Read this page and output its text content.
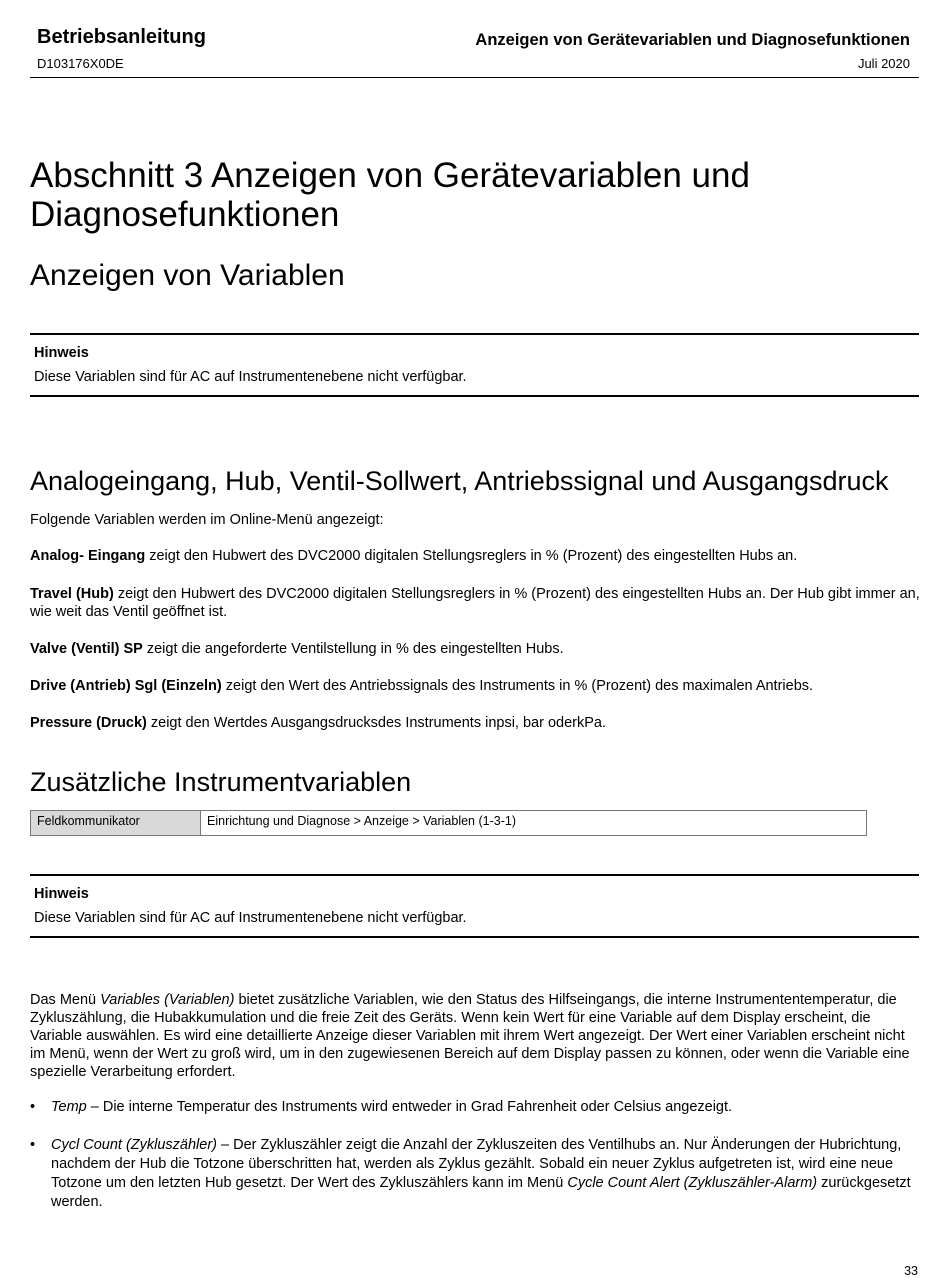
Betriebsanleitung
D103176X0DE
Anzeigen von Gerätevariablen und Diagnosefunktionen
Juli 2020
Abschnitt 3 Anzeigen von Gerätevariablen und Diagnosefunktionen
Anzeigen von Variablen
Hinweis
Diese Variablen sind für AC auf Instrumentenebene nicht verfügbar.
Analogeingang, Hub, Ventil-Sollwert, Antriebssignal und Ausgangsdruck
Folgende Variablen werden im Online-Menü angezeigt:
Analog- Eingang zeigt den Hubwert des DVC2000 digitalen Stellungsreglers in % (Prozent) des eingestellten Hubs an.
Travel (Hub) zeigt den Hubwert des DVC2000 digitalen Stellungsreglers in % (Prozent) des eingestellten Hubs an. Der Hub gibt immer an, wie weit das Ventil geöffnet ist.
Valve (Ventil) SP zeigt die angeforderte Ventilstellung in % des eingestellten Hubs.
Drive (Antrieb) Sgl (Einzeln) zeigt den Wert des Antriebssignals des Instruments in % (Prozent) des maximalen Antriebs.
Pressure (Druck) zeigt den Wertdes Ausgangsdrucksdes Instruments inpsi, bar oderkPa.
Zusätzliche Instrumentvariablen
Feldkommunikator	Einrichtung und Diagnose > Anzeige > Variablen (1-3-1)
Hinweis
Diese Variablen sind für AC auf Instrumentenebene nicht verfügbar.
Das Menü Variables (Variablen) bietet zusätzliche Variablen, wie den Status des Hilfseingangs, die interne Instrumententemperatur, die Zykluszählung, die Hubakkumulation und die freie Zeit des Geräts. Wenn kein Wert für eine Variable auf dem Display erscheint, die Variable auswählen. Es wird eine detaillierte Anzeige dieser Variablen mit ihrem Wert angezeigt. Der Wert einer Variablen erscheint nicht im Menü, wenn der Wert zu groß wird, um in den zugewiesenen Bereich auf dem Display passen zu können, oder wenn die Variable eine spezielle Verarbeitung erfordert.
•	Temp – Die interne Temperatur des Instruments wird entweder in Grad Fahrenheit oder Celsius angezeigt.
•	Cycl Count (Zykluszähler) – Der Zykluszähler zeigt die Anzahl der Zykluszeiten des Ventilhubs an. Nur Änderungen der Hubrichtung, nachdem der Hub die Totzone überschritten hat, werden als Zyklus gezählt. Sobald ein neuer Zyklus aufgetreten ist, wird eine neue Totzone um den letzten Hub gesetzt. Der Wert des Zykluszählers kann im Menü Cycle Count Alert (Zykluszähler-Alarm) zurückgesetzt werden.
33
